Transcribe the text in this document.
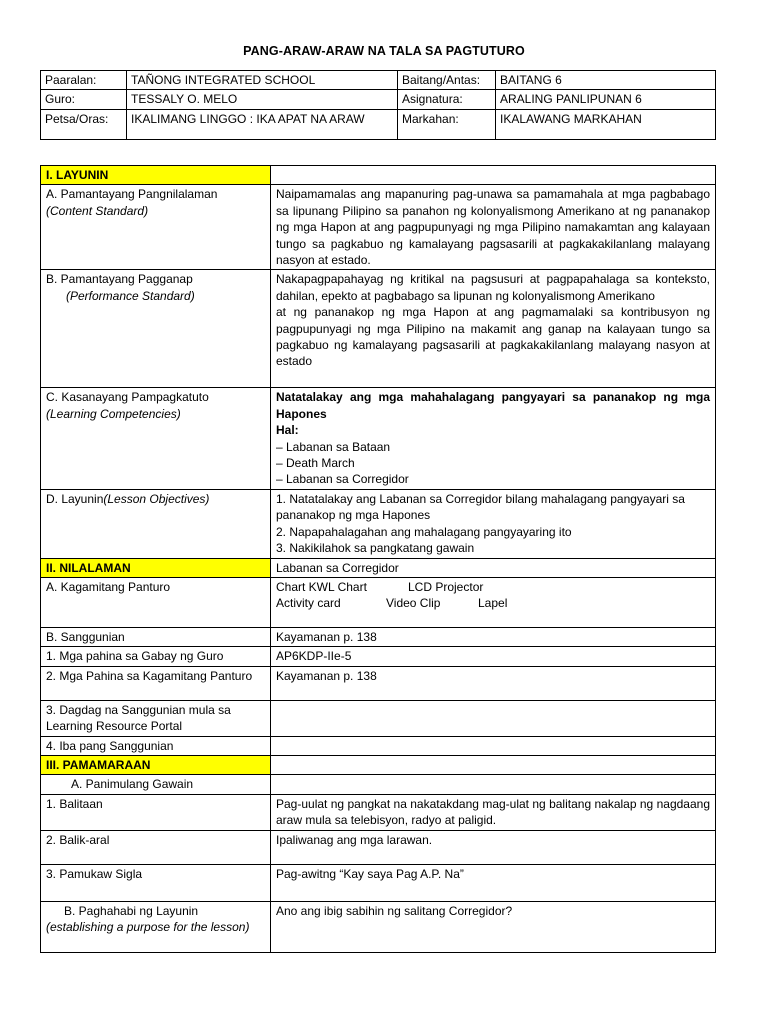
PANG-ARAW-ARAW NA TALA SA PAGTUTURO
Paaralan:	TAÑONG INTEGRATED SCHOOL	Baitang/Antas:	BAITANG 6
Guro:	TESSALY O. MELO	Asignatura:	ARALING PANLIPUNAN 6
Petsa/Oras:	IKALIMANG LINGGO : IKA APAT NA ARAW	Markahan:	IKALAWANG MARKAHAN
I. LAYUNIN	

A. Pamantayang Pangnilalaman
(Content Standard)	Naipamamalas ang mapanuring pag-unawa sa pamamahala at mga pagbabago sa lipunang Pilipino sa panahon ng kolonyalismong Amerikano at ng pananakop ng mga Hapon at ang pagpupunyagi ng mga Pilipino namakamtan ang kalayaan tungo sa pagkabuo ng kamalayang pagsasarili at pagkakakilanlang malayang nasyon at estado.

B. Pamantayang Pagganap
(Performance Standard)	Nakapagpapahayag ng kritikal na pagsusuri at pagpapahalaga sa konteksto, dahilan, epekto at pagbabago sa lipunan ng kolonyalismong Amerikano
at ng pananakop ng mga Hapon at ang pagmamalaki sa kontribusyon ng pagpupunyagi ng mga Pilipino na makamit ang ganap na kalayaan tungo sa pagkabuo ng kamalayang pagsasarili at pagkakakilanlang malayang nasyon at estado

C. Kasanayang Pampagkatuto
(Learning Competencies)	Natatalakay ang mga mahahalagang pangyayari sa pananakop ng mga Hapones
Hal:
– Labanan sa Bataan
– Death March
– Labanan sa Corregidor

D. Layunin(Lesson Objectives)	1. Natatalakay ang Labanan sa Corregidor bilang mahalagang pangyayari sa pananakop ng mga Hapones
2. Napapahalagahan ang mahalagang pangyayaring ito
3. Nakikilahok sa pangkatang gawain

II. NILALAMAN	Labanan sa Corregidor
A. Kagamitang Panturo	Chart KWL Chart LCD Projector
Activity card Video Clip Lapel

B. Sanggunian	Kayamanan p. 138
1. Mga pahina sa Gabay ng Guro	AP6KDP-IIe-5
2. Mga Pahina sa Kagamitang Panturo	Kayamanan p. 138
3. Dagdag na Sanggunian mula sa Learning Resource Portal	
4. Iba pang Sanggunian	
III. PAMAMARAAN	
A. Panimulang Gawain	
1. Balitaan	Pag-uulat ng pangkat na nakatakdang mag-ulat ng balitang nakalap ng nagdaang araw mula sa telebisyon, radyo at paligid.
2. Balik-aral	Ipaliwanag ang mga larawan.
3. Pamukaw Sigla	Pag-awitng “Kay saya Pag A.P. Na”

B. Paghahabi ng Layunin
(establishing a purpose for the lesson)	Ano ang ibig sabihin ng salitang Corregidor?
